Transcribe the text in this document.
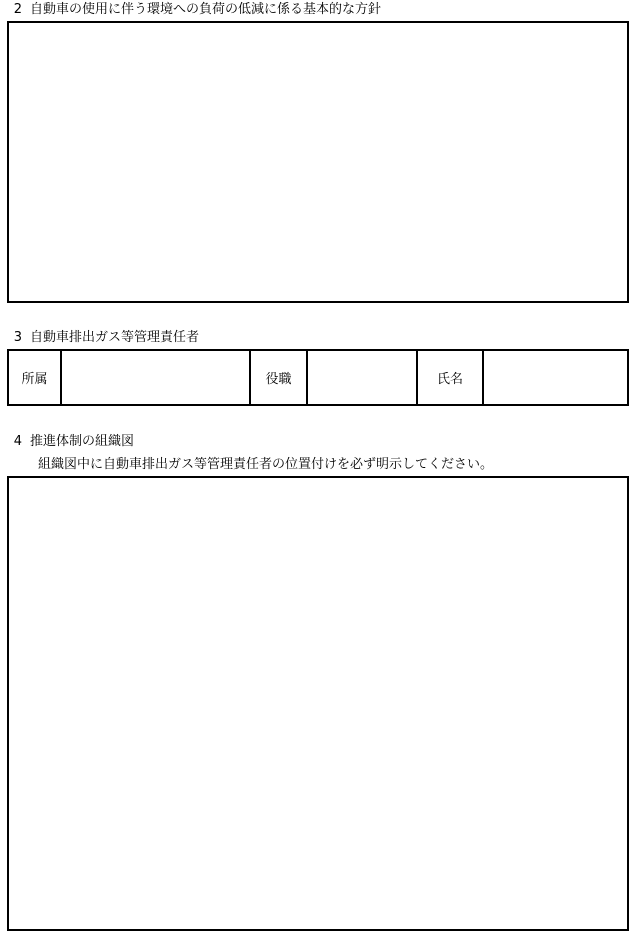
2 自動車の使用に伴う環境への負荷の低減に係る基本的な方針
3 自動車排出ガス等管理責任者
所属	役職	氏名
4 推進体制の組織図
組織図中に自動車排出ガス等管理責任者の位置付けを必ず明示してください。
